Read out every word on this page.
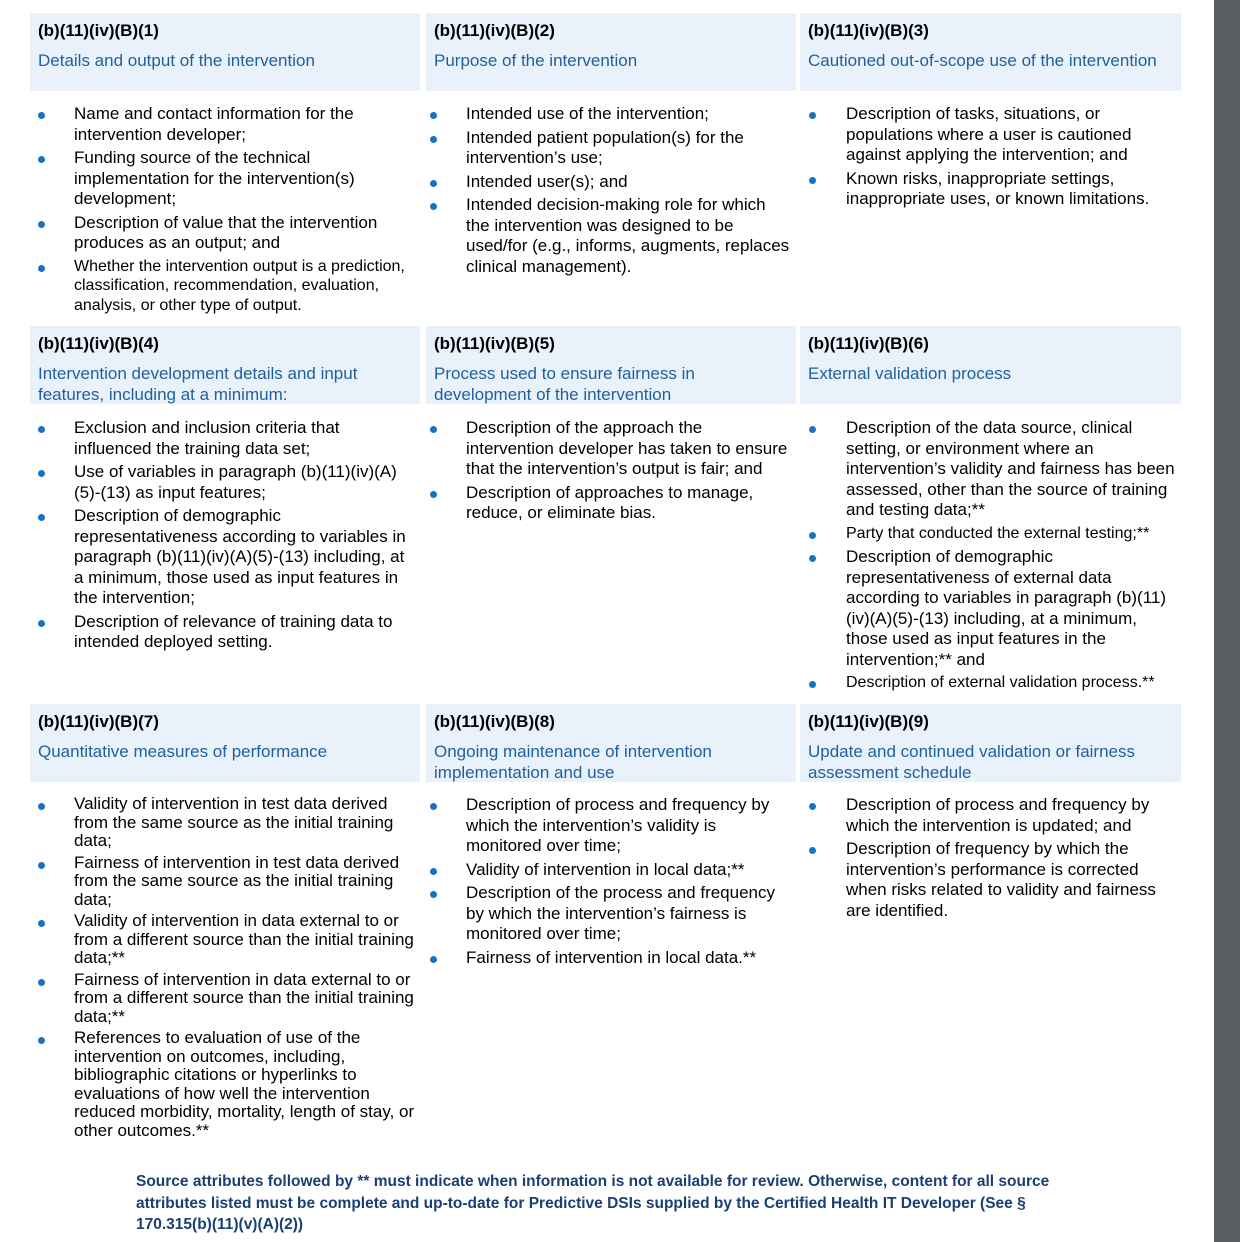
(b)(11)(iv)(B)(1)
Details and output of the intervention
(b)(11)(iv)(B)(2)
Purpose of the intervention
(b)(11)(iv)(B)(3)
Cautioned out-of-scope use of the intervention
Name and contact information for the intervention developer;
Funding source of the technical implementation for the intervention(s) development;
Description of value that the intervention produces as an output; and
Whether the intervention output is a prediction, classification, recommendation, evaluation, analysis, or other type of output.
Intended use of the intervention;
Intended patient population(s) for the intervention’s use;
Intended user(s); and
Intended decision-making role for which the intervention was designed to be used/for (e.g., informs, augments, replaces clinical management).
Description of tasks, situations, or populations where a user is cautioned against applying the intervention; and
Known risks, inappropriate settings, inappropriate uses, or known limitations.
(b)(11)(iv)(B)(4)
Intervention development details and input features, including at a minimum:
(b)(11)(iv)(B)(5)
Process used to ensure fairness in development of the intervention
(b)(11)(iv)(B)(6)
External validation process
Exclusion and inclusion criteria that influenced the training data set;
Use of variables in paragraph (b)(11)(iv)(A)(5)-(13) as input features;
Description of demographic representativeness according to variables in paragraph (b)(11)(iv)(A)(5)-(13) including, at a minimum, those used as input features in the intervention;
Description of relevance of training data to intended deployed setting.
Description of the approach the intervention developer has taken to ensure that the intervention’s output is fair; and
Description of approaches to manage, reduce, or eliminate bias.
Description of the data source, clinical setting, or environment where an intervention’s validity and fairness has been assessed, other than the source of training and testing data;**
Party that conducted the external testing;**
Description of demographic representativeness of external data according to variables in paragraph (b)(11)(iv)(A)(5)-(13) including, at a minimum, those used as input features in the intervention;** and
Description of external validation process.**
(b)(11)(iv)(B)(7)
Quantitative measures of performance
(b)(11)(iv)(B)(8)
Ongoing maintenance of intervention implementation and use
(b)(11)(iv)(B)(9)
Update and continued validation or fairness assessment schedule
Validity of intervention in test data derived from the same source as the initial training data;
Fairness of intervention in test data derived from the same source as the initial training data;
Validity of intervention in data external to or from a different source than the initial training data;**
Fairness of intervention in data external to or from a different source than the initial training data;**
References to evaluation of use of the intervention on outcomes, including, bibliographic citations or hyperlinks to evaluations of how well the intervention reduced morbidity, mortality, length of stay, or other outcomes.**
Description of process and frequency by which the intervention’s validity is monitored over time;
Validity of intervention in local data;**
Description of the process and frequency by which the intervention’s fairness is monitored over time;
Fairness of intervention in local data.**
Description of process and frequency by which the intervention is updated; and
Description of frequency by which the intervention’s performance is corrected when risks related to validity and fairness are identified.
Source attributes followed by ** must indicate when information is not available for review. Otherwise, content for all source attributes listed must be complete and up-to-date for Predictive DSIs supplied by the Certified Health IT Developer (See § 170.315(b)(11)(v)(A)(2))
